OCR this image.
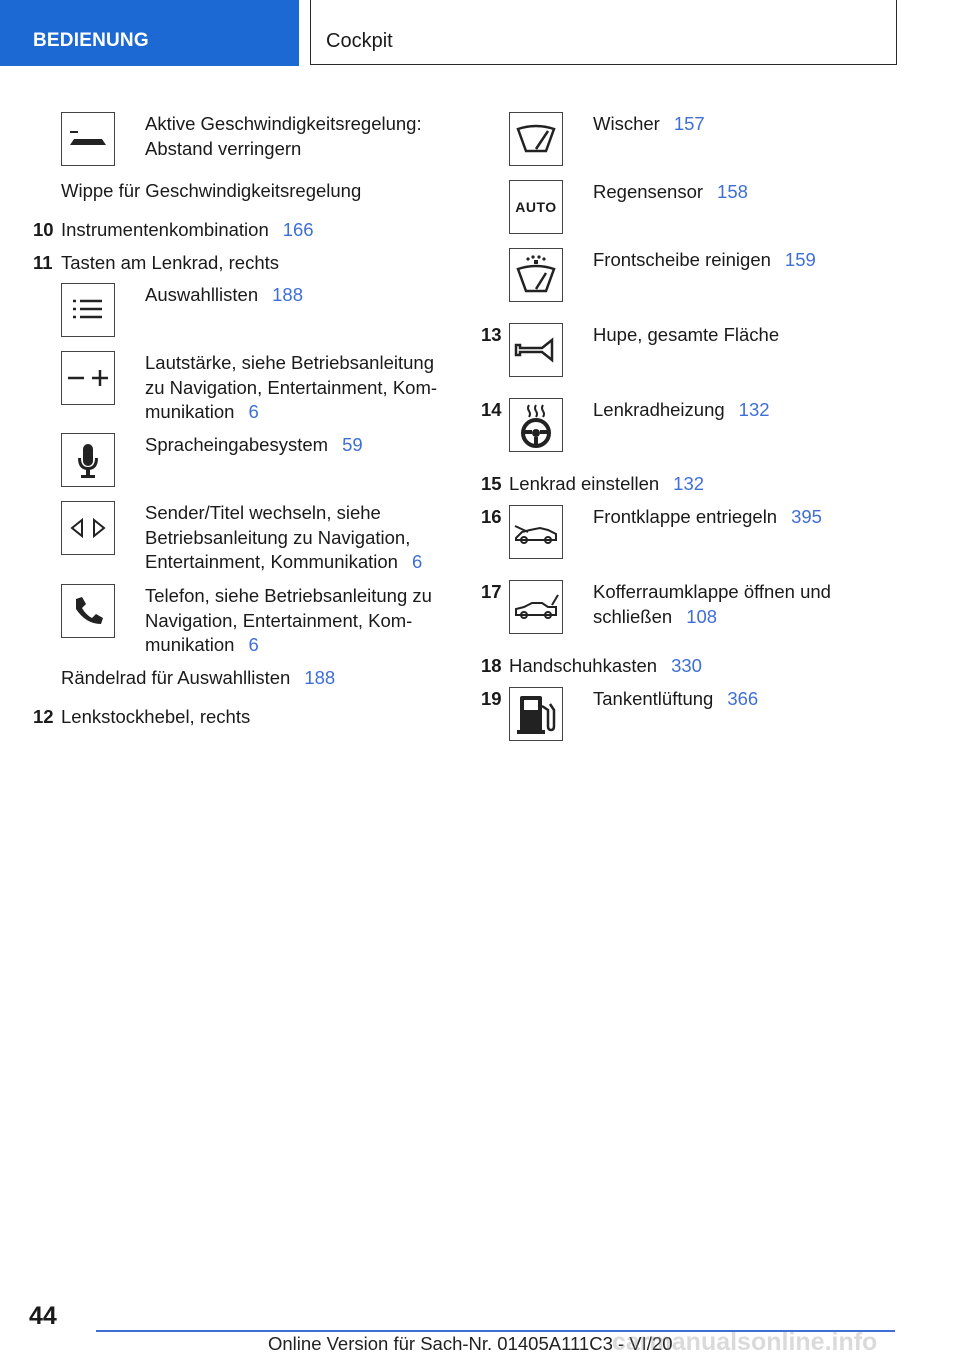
BEDIENUNG	Cockpit
Aktive Geschwindigkeitsregelung:
Abstand verringern
Wippe für Geschwindigkeitsregelung
10 Instrumentenkombination 166
11 Tasten am Lenkrad, rechts
Auswahllisten 188
Lautstärke, siehe Betriebsanleitung
zu Navigation, Entertainment, Kom-
munikation 6
Spracheingabesystem 59
Sender/Titel wechseln, siehe
Betriebsanleitung zu Navigation,
Entertainment, Kommunikation 6
Telefon, siehe Betriebsanleitung zu
Navigation, Entertainment, Kom-
munikation 6
Rändelrad für Auswahllisten 188
12 Lenkstockhebel, rechts
Wischer 157
AUTO
Regensensor 158
Frontscheibe reinigen 159
13	Hupe, gesamte Fläche
14	Lenkradheizung 132
15 Lenkrad einstellen 132
16	Frontklappe entriegeln 395
17	Kofferraumklappe öffnen und
schließen 108
18 Handschuhkasten 330
19	Tankentlüftung 366
44
Online Version für Sach-Nr. 01405A111C3 - VI/20
carmanualsonline.info
